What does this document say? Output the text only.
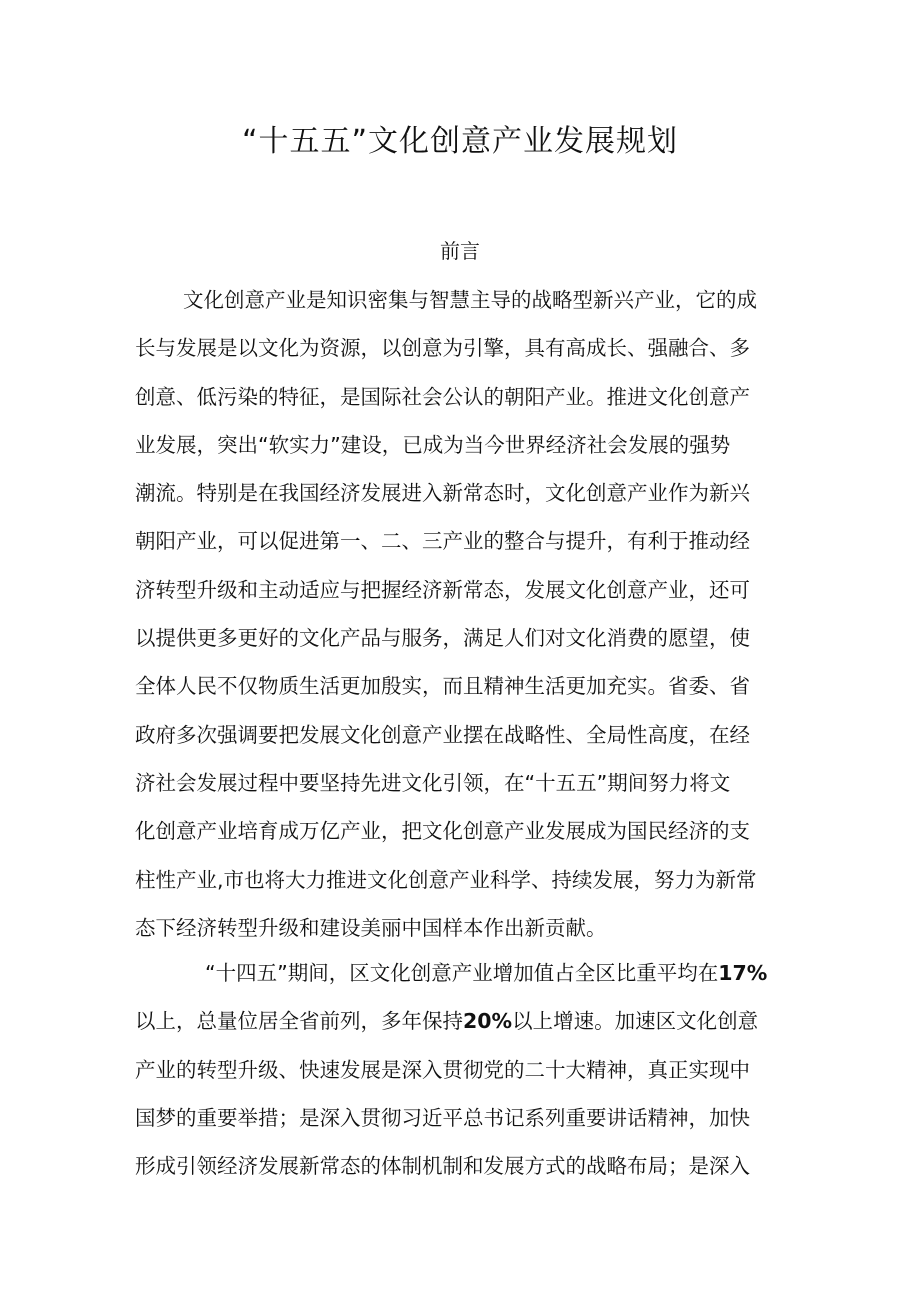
“十五五”文化创意产业发展规划
前言
文化创意产业是知识密集与智慧主导的战略型新兴产业，它的成
长与发展是以文化为资源，以创意为引擎，具有高成长、强融合、多
创意、低污染的特征，是国际社会公认的朝阳产业。推进文化创意产
业发展，突出“软实力”建设，已成为当今世界经济社会发展的强势
潮流。特别是在我国经济发展进入新常态时，文化创意产业作为新兴
朝阳产业，可以促进第一、二、三产业的整合与提升，有利于推动经
济转型升级和主动适应与把握经济新常态，发展文化创意产业，还可
以提供更多更好的文化产品与服务，满足人们对文化消费的愿望，使
全体人民不仅物质生活更加殷实，而且精神生活更加充实。省委、省
政府多次强调要把发展文化创意产业摆在战略性、全局性高度，在经
济社会发展过程中要坚持先进文化引领，在“十五五”期间努力将文
化创意产业培育成万亿产业，把文化创意产业发展成为国民经济的支
柱性产业,市也将大力推进文化创意产业科学、持续发展，努力为新常
态下经济转型升级和建设美丽中国样本作出新贡献。
“十四五”期间，区文化创意产业增加值占全区比重平均在17%
以上，总量位居全省前列，多年保持20%以上增速。加速区文化创意
产业的转型升级、快速发展是深入贯彻党的二十大精神，真正实现中
国梦的重要举措；是深入贯彻习近平总书记系列重要讲话精神，加快
形成引领经济发展新常态的体制机制和发展方式的战略布局；是深入
